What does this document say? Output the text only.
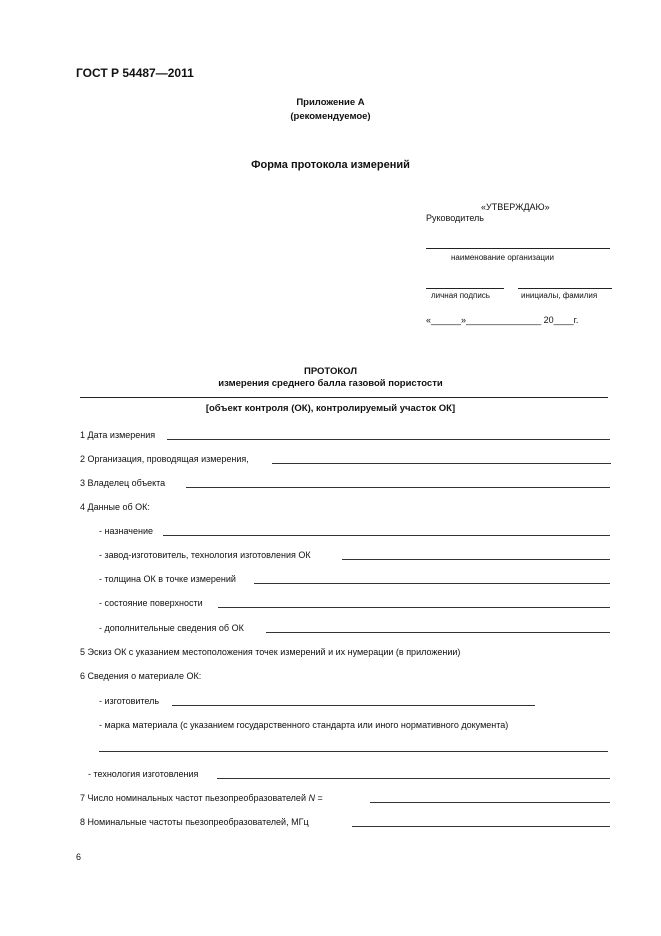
ГОСТ Р 54487—2011
Приложение А
(рекомендуемое)
Форма протокола измерений
«УТВЕРЖДАЮ»
Руководитель
наименование организации
личная подпись	инициалы, фамилия
«______»_______________ 20____г.
ПРОТОКОЛ
измерения среднего балла газовой пористости
[объект контроля (ОК), контролируемый участок ОК]
1 Дата измерения
2 Организация, проводящая измерения,
3 Владелец объекта
4 Данные об ОК:
- назначение
- завод-изготовитель, технология изготовления ОК
- толщина ОК в точке измерений
- состояние поверхности
- дополнительные сведения об ОК
5 Эскиз ОК с указанием местоположения точек измерений и их нумерации (в приложении)
6 Сведения о материале ОК:
- изготовитель
- марка материала (с указанием государственного стандарта или иного нормативного документа)
- технология изготовления
7 Число номинальных частот пьезопреобразователей N =
8 Номинальные частоты пьезопреобразователей, МГц
6
